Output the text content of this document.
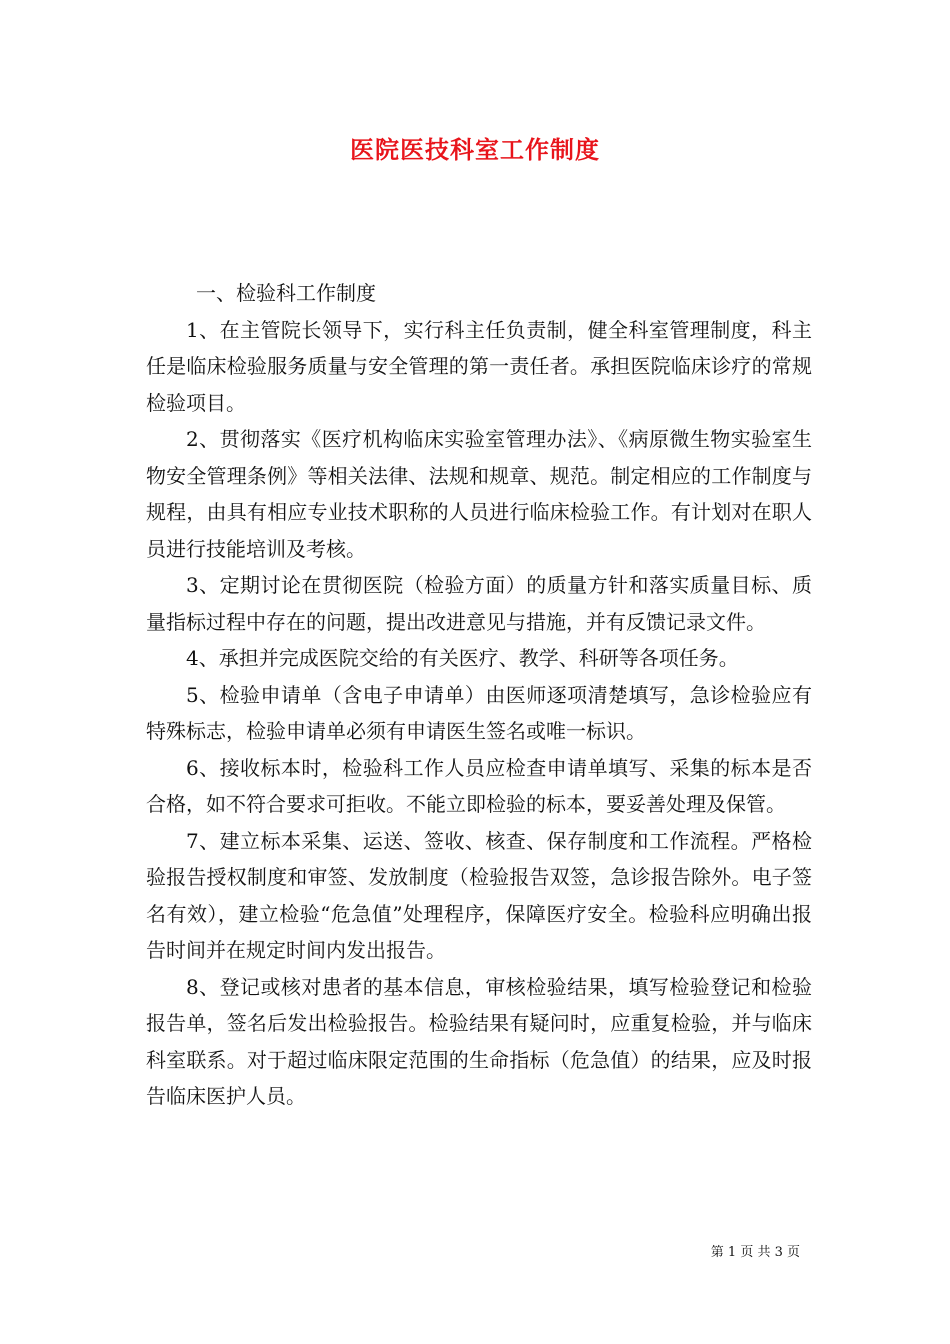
医院医技科室工作制度

一、检验科工作制度

1、在主管院长领导下，实行科主任负责制，健全科室管理制度，科主任是临床检验服务质量与安全管理的第一责任者。承担医院临床诊疗的常规检验项目。

2、贯彻落实《医疗机构临床实验室管理办法》、《病原微生物实验室生物安全管理条例》等相关法律、法规和规章、规范。制定相应的工作制度与规程，由具有相应专业技术职称的人员进行临床检验工作。有计划对在职人员进行技能培训及考核。

3、定期讨论在贯彻医院（检验方面）的质量方针和落实质量目标、质量指标过程中存在的问题，提出改进意见与措施，并有反馈记录文件。

4、承担并完成医院交给的有关医疗、教学、科研等各项任务。

5、检验申请单（含电子申请单）由医师逐项清楚填写，急诊检验应有特殊标志，检验申请单必须有申请医生签名或唯一标识。

6、接收标本时，检验科工作人员应检查申请单填写、采集的标本是否合格，如不符合要求可拒收。不能立即检验的标本，要妥善处理及保管。

7、建立标本采集、运送、签收、核查、保存制度和工作流程。严格检验报告授权制度和审签、发放制度（检验报告双签，急诊报告除外。电子签名有效），建立检验“危急值”处理程序，保障医疗安全。检验科应明确出报告时间并在规定时间内发出报告。

8、登记或核对患者的基本信息，审核检验结果，填写检验登记和检验报告单，签名后发出检验报告。检验结果有疑问时，应重复检验，并与临床科室联系。对于超过临床限定范围的生命指标（危急值）的结果，应及时报告临床医护人员。

第 1 页 共 3 页
